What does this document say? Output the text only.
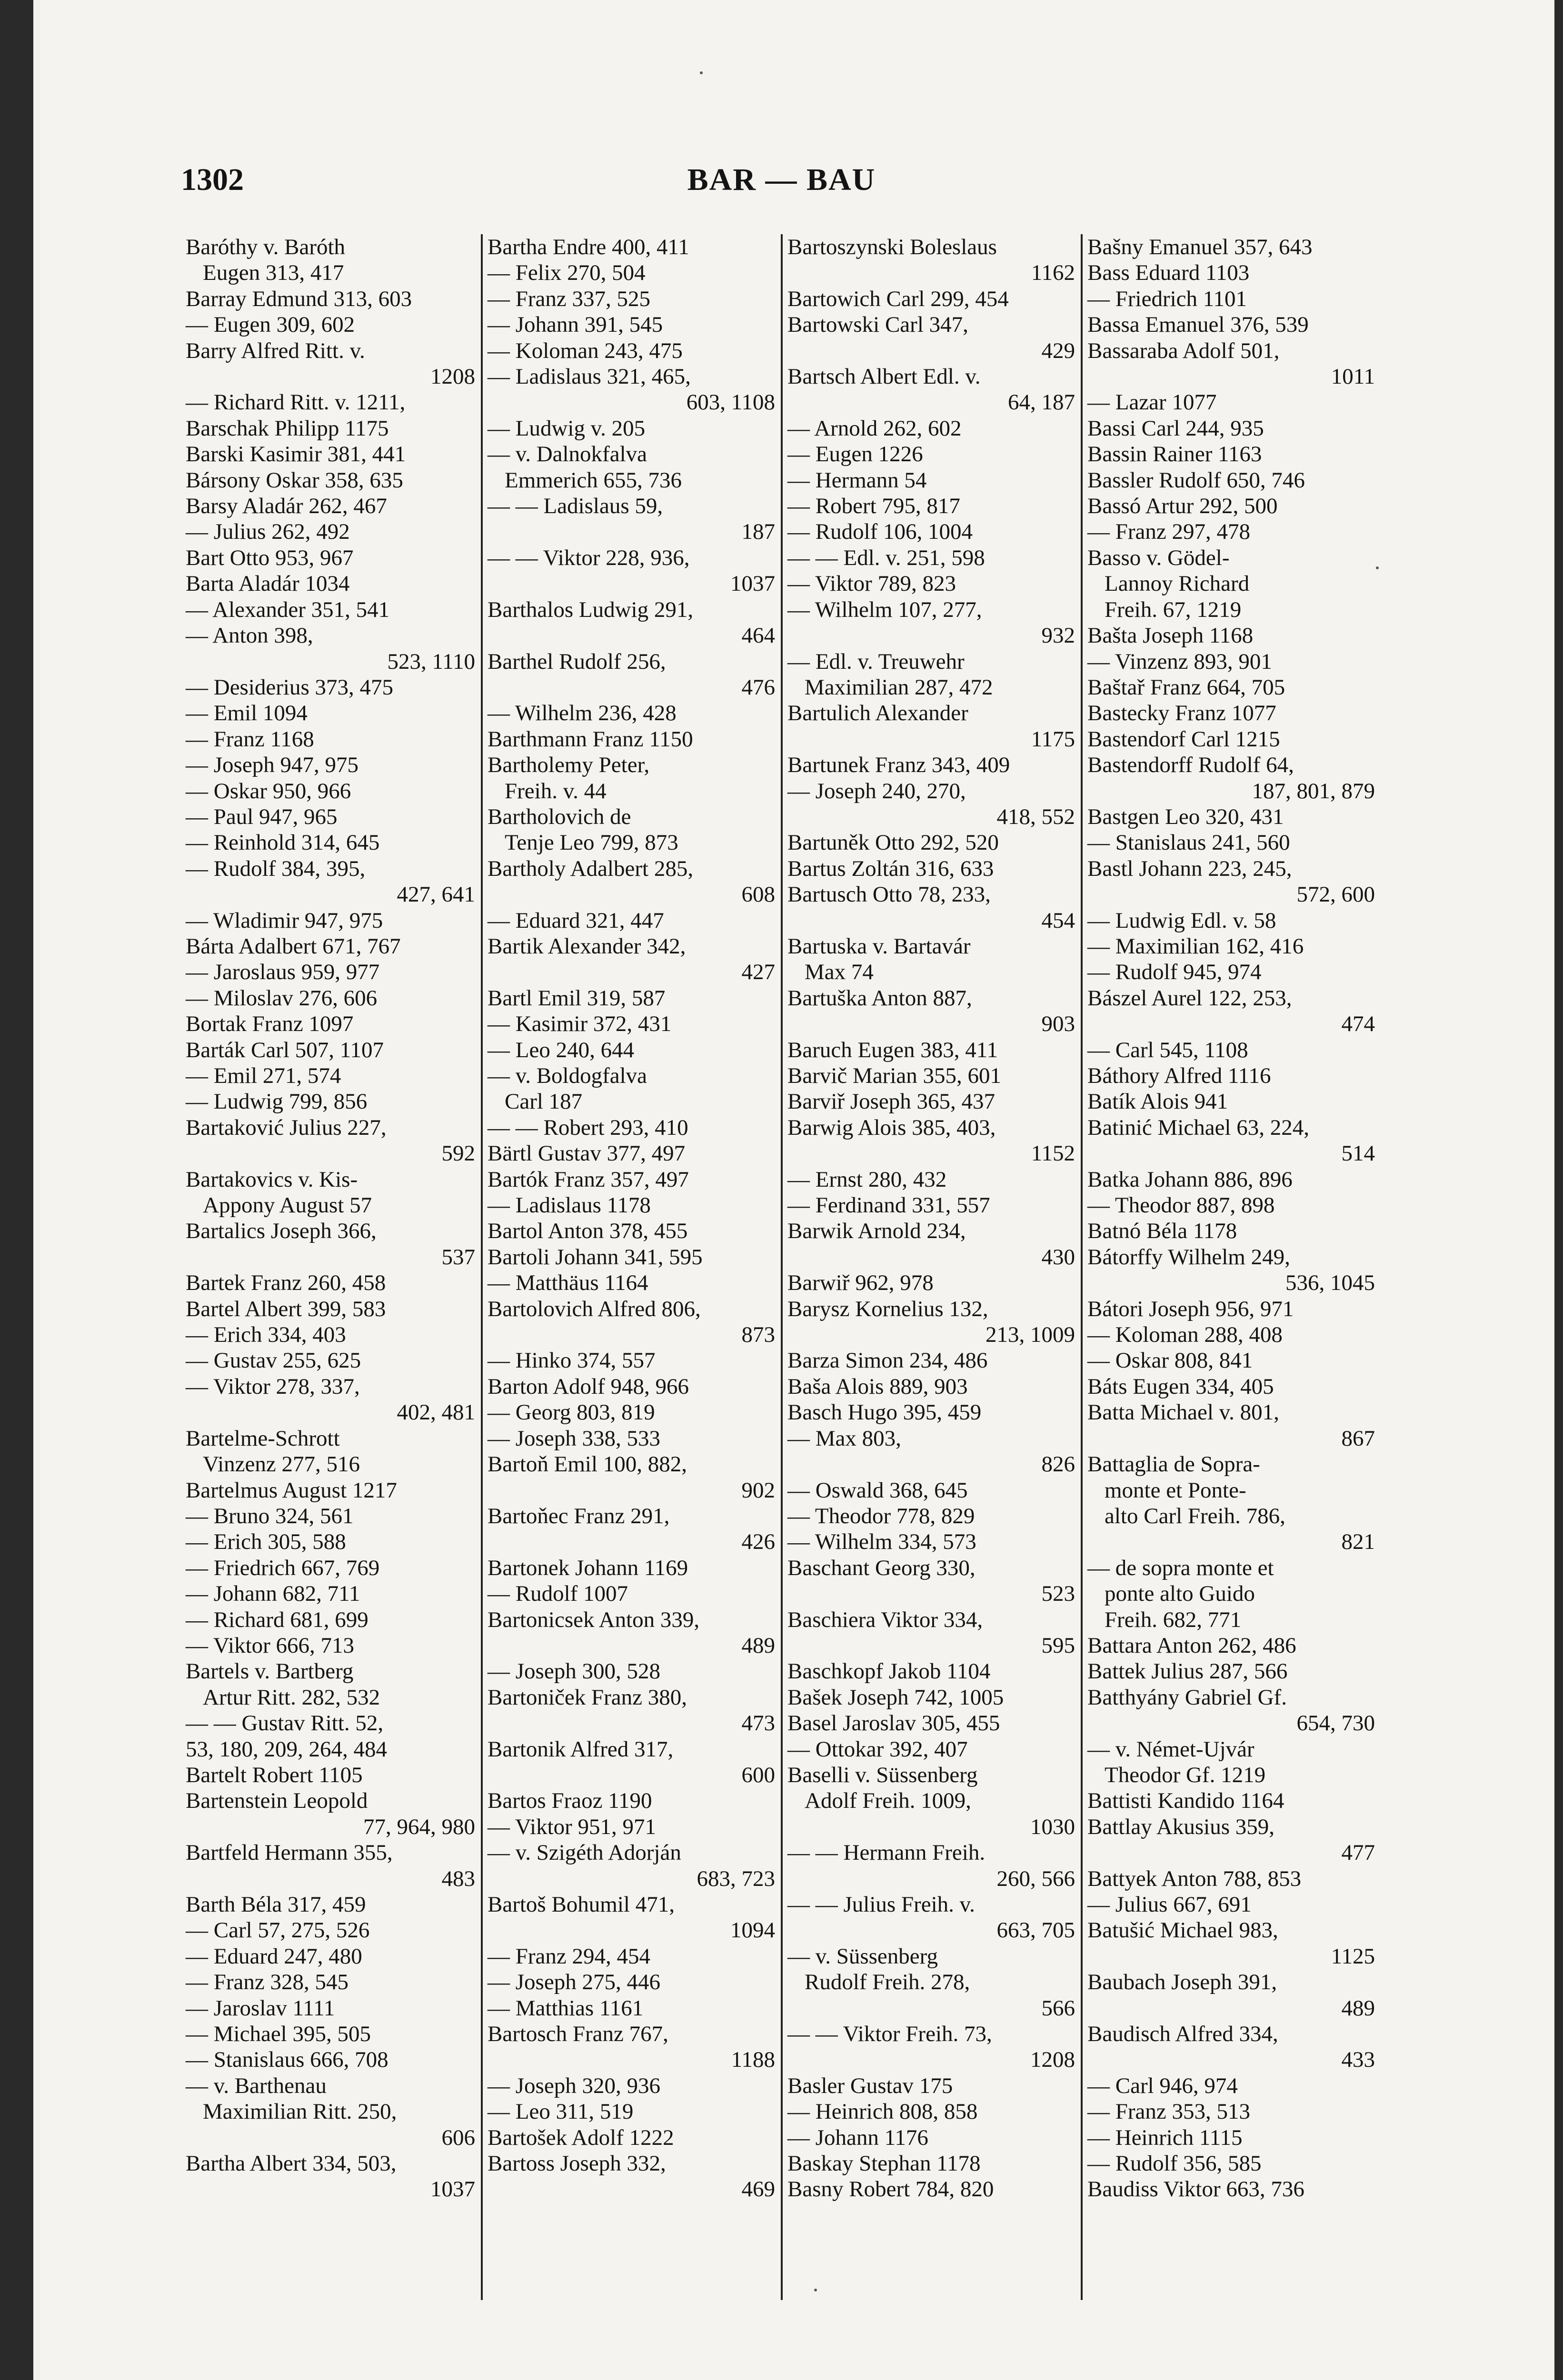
BAR — BAU
1302
Baróthy v. Baróth
Eugen 313, 417
Barray Edmund 313, 603
— Eugen 309, 602
Barry Alfred Ritt. v.
1208
— Richard Ritt. v. 1211,
Barschak Philipp 1175
Barski Kasimir 381, 441
Bársony Oskar 358, 635
Barsy Aladár 262, 467
— Julius 262, 492
Bart Otto 953, 967
Barta Aladár 1034
— Alexander 351, 541
— Anton 398,
523, 1110
— Desiderius 373, 475
— Emil 1094
— Franz 1168
— Joseph 947, 975
— Oskar 950, 966
— Paul 947, 965
— Reinhold 314, 645
— Rudolf 384, 395,
427, 641
— Wladimir 947, 975
Bárta Adalbert 671, 767
— Jaroslaus 959, 977
— Miloslav 276, 606
Bortak Franz 1097
Barták Carl 507, 1107
— Emil 271, 574
— Ludwig 799, 856
Bartaković Julius 227,
592
Bartakovics v. Kis-
Appony August 57
Bartalics Joseph 366,
537
Bartek Franz 260, 458
Bartel Albert 399, 583
— Erich 334, 403
— Gustav 255, 625
— Viktor 278, 337,
402, 481
Bartelme-Schrott
Vinzenz 277, 516
Bartelmus August 1217
— Bruno 324, 561
— Erich 305, 588
— Friedrich 667, 769
— Johann 682, 711
— Richard 681, 699
— Viktor 666, 713
Bartels v. Bartberg
Artur Ritt. 282, 532
— — Gustav Ritt. 52,
53, 180, 209, 264, 484
Bartelt Robert 1105
Bartenstein Leopold
77, 964, 980
Bartfeld Hermann 355,
483
Barth Béla 317, 459
— Carl 57, 275, 526
— Eduard 247, 480
— Franz 328, 545
— Jaroslav 1111
— Michael 395, 505
— Stanislaus 666, 708
— v. Barthenau
Maximilian Ritt. 250,
606
Bartha Albert 334, 503,
1037
Bartha Endre 400, 411
— Felix 270, 504
— Franz 337, 525
— Johann 391, 545
— Koloman 243, 475
— Ladislaus 321, 465,
603, 1108
— Ludwig v. 205
— v. Dalnokfalva
Emmerich 655, 736
— — Ladislaus 59,
187
— — Viktor 228, 936,
1037
Barthalos Ludwig 291,
464
Barthel Rudolf 256,
476
— Wilhelm 236, 428
Barthmann Franz 1150
Bartholemy Peter,
Freih. v. 44
Bartholovich de
Tenje Leo 799, 873
Bartholy Adalbert 285,
608
— Eduard 321, 447
Bartik Alexander 342,
427
Bartl Emil 319, 587
— Kasimir 372, 431
— Leo 240, 644
— v. Boldogfalva
Carl 187
— — Robert 293, 410
Bärtl Gustav 377, 497
Bartók Franz 357, 497
— Ladislaus 1178
Bartol Anton 378, 455
Bartoli Johann 341, 595
— Matthäus 1164
Bartolovich Alfred 806,
873
— Hinko 374, 557
Barton Adolf 948, 966
— Georg 803, 819
— Joseph 338, 533
Bartoň Emil 100, 882,
902
Bartoňec Franz 291,
426
Bartonek Johann 1169
— Rudolf 1007
Bartonicsek Anton 339,
489
— Joseph 300, 528
Bartoniček Franz 380,
473
Bartonik Alfred 317,
600
Bartos Fraoz 1190
— Viktor 951, 971
— v. Szigéth Adorján
683, 723
Bartoš Bohumil 471,
1094
— Franz 294, 454
— Joseph 275, 446
— Matthias 1161
Bartosch Franz 767,
1188
— Joseph 320, 936
— Leo 311, 519
Bartošek Adolf 1222
Bartoss Joseph 332,
469
Bartoszynski Boleslaus
1162
Bartowich Carl 299, 454
Bartowski Carl 347,
429
Bartsch Albert Edl. v.
64, 187
— Arnold 262, 602
— Eugen 1226
— Hermann 54
— Robert 795, 817
— Rudolf 106, 1004
— — Edl. v. 251, 598
— Viktor 789, 823
— Wilhelm 107, 277,
932
— Edl. v. Treuwehr
Maximilian 287, 472
Bartulich Alexander
1175
Bartunek Franz 343, 409
— Joseph 240, 270,
418, 552
Bartuněk Otto 292, 520
Bartus Zoltán 316, 633
Bartusch Otto 78, 233,
454
Bartuska v. Bartavár
Max 74
Bartuška Anton 887,
903
Baruch Eugen 383, 411
Barvič Marian 355, 601
Barviř Joseph 365, 437
Barwig Alois 385, 403,
1152
— Ernst 280, 432
— Ferdinand 331, 557
Barwik Arnold 234,
430
Barwiř 962, 978
Barysz Kornelius 132,
213, 1009
Barza Simon 234, 486
Baša Alois 889, 903
Basch Hugo 395, 459
— Max 803,
826
— Oswald 368, 645
— Theodor 778, 829
— Wilhelm 334, 573
Baschant Georg 330,
523
Baschiera Viktor 334,
595
Baschkopf Jakob 1104
Bašek Joseph 742, 1005
Basel Jaroslav 305, 455
— Ottokar 392, 407
Baselli v. Süssenberg
Adolf Freih. 1009,
1030
— — Hermann Freih.
260, 566
— — Julius Freih. v.
663, 705
— v. Süssenberg
Rudolf Freih. 278,
566
— — Viktor Freih. 73,
1208
Basler Gustav 175
— Heinrich 808, 858
— Johann 1176
Baskay Stephan 1178
Basny Robert 784, 820
Bašny Emanuel 357, 643
Bass Eduard 1103
— Friedrich 1101
Bassa Emanuel 376, 539
Bassaraba Adolf 501,
1011
— Lazar 1077
Bassi Carl 244, 935
Bassin Rainer 1163
Bassler Rudolf 650, 746
Bassó Artur 292, 500
— Franz 297, 478
Basso v. Gödel-
Lannoy Richard
Freih. 67, 1219
Bašta Joseph 1168
— Vinzenz 893, 901
Baštař Franz 664, 705
Bastecky Franz 1077
Bastendorf Carl 1215
Bastendorff Rudolf 64,
187, 801, 879
Bastgen Leo 320, 431
— Stanislaus 241, 560
Bastl Johann 223, 245,
572, 600
— Ludwig Edl. v. 58
— Maximilian 162, 416
— Rudolf 945, 974
Bászel Aurel 122, 253,
474
— Carl 545, 1108
Báthory Alfred 1116
Batík Alois 941
Batinić Michael 63, 224,
514
Batka Johann 886, 896
— Theodor 887, 898
Batnó Béla 1178
Bátorffy Wilhelm 249,
536, 1045
Bátori Joseph 956, 971
— Koloman 288, 408
— Oskar 808, 841
Báts Eugen 334, 405
Batta Michael v. 801,
867
Battaglia de Sopra-
monte et Ponte-
alto Carl Freih. 786,
821
— de sopra monte et
ponte alto Guido
Freih. 682, 771
Battara Anton 262, 486
Battek Julius 287, 566
Batthyány Gabriel Gf.
654, 730
— v. Német-Ujvár
Theodor Gf. 1219
Battisti Kandido 1164
Battlay Akusius 359,
477
Battyek Anton 788, 853
— Julius 667, 691
Batušić Michael 983,
1125
Baubach Joseph 391,
489
Baudisch Alfred 334,
433
— Carl 946, 974
— Franz 353, 513
— Heinrich 1115
— Rudolf 356, 585
Baudiss Viktor 663, 736
